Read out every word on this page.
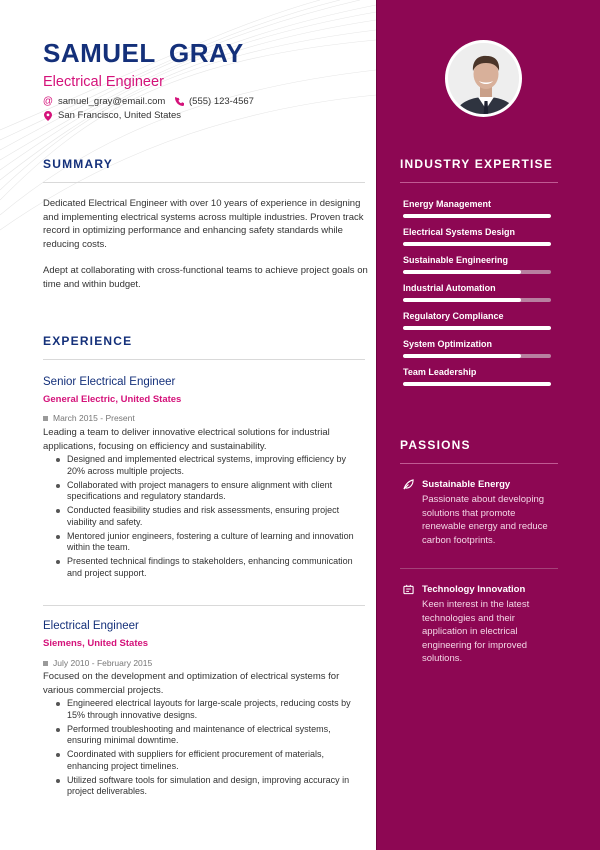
SAMUEL GRAY
Electrical Engineer
@ samuel_gray@email.com (555) 123-4567
San Francisco, United States
SUMMARY
Dedicated Electrical Engineer with over 10 years of experience in designing and implementing electrical systems across multiple industries. Proven track record in optimizing performance and enhancing safety standards while reducing costs.
Adept at collaborating with cross-functional teams to achieve project goals on time and within budget.
EXPERIENCE
Senior Electrical Engineer
General Electric, United States
March 2015 - Present
Leading a team to deliver innovative electrical solutions for industrial applications, focusing on efficiency and sustainability.
Designed and implemented electrical systems, improving efficiency by 20% across multiple projects.
Collaborated with project managers to ensure alignment with client specifications and regulatory standards.
Conducted feasibility studies and risk assessments, ensuring project viability and safety.
Mentored junior engineers, fostering a culture of learning and innovation within the team.
Presented technical findings to stakeholders, enhancing communication and project support.
Electrical Engineer
Siemens, United States
July 2010 - February 2015
Focused on the development and optimization of electrical systems for various commercial projects.
Engineered electrical layouts for large-scale projects, reducing costs by 15% through innovative designs.
Performed troubleshooting and maintenance of electrical systems, ensuring minimal downtime.
Coordinated with suppliers for efficient procurement of materials, enhancing project timelines.
Utilized software tools for simulation and design, improving accuracy in project deliverables.
INDUSTRY EXPERTISE
Energy Management
Electrical Systems Design
Sustainable Engineering
Industrial Automation
Regulatory Compliance
System Optimization
Team Leadership
PASSIONS
Sustainable Energy
Passionate about developing solutions that promote renewable energy and reduce carbon footprints.
Technology Innovation
Keen interest in the latest technologies and their application in electrical engineering for improved solutions.
